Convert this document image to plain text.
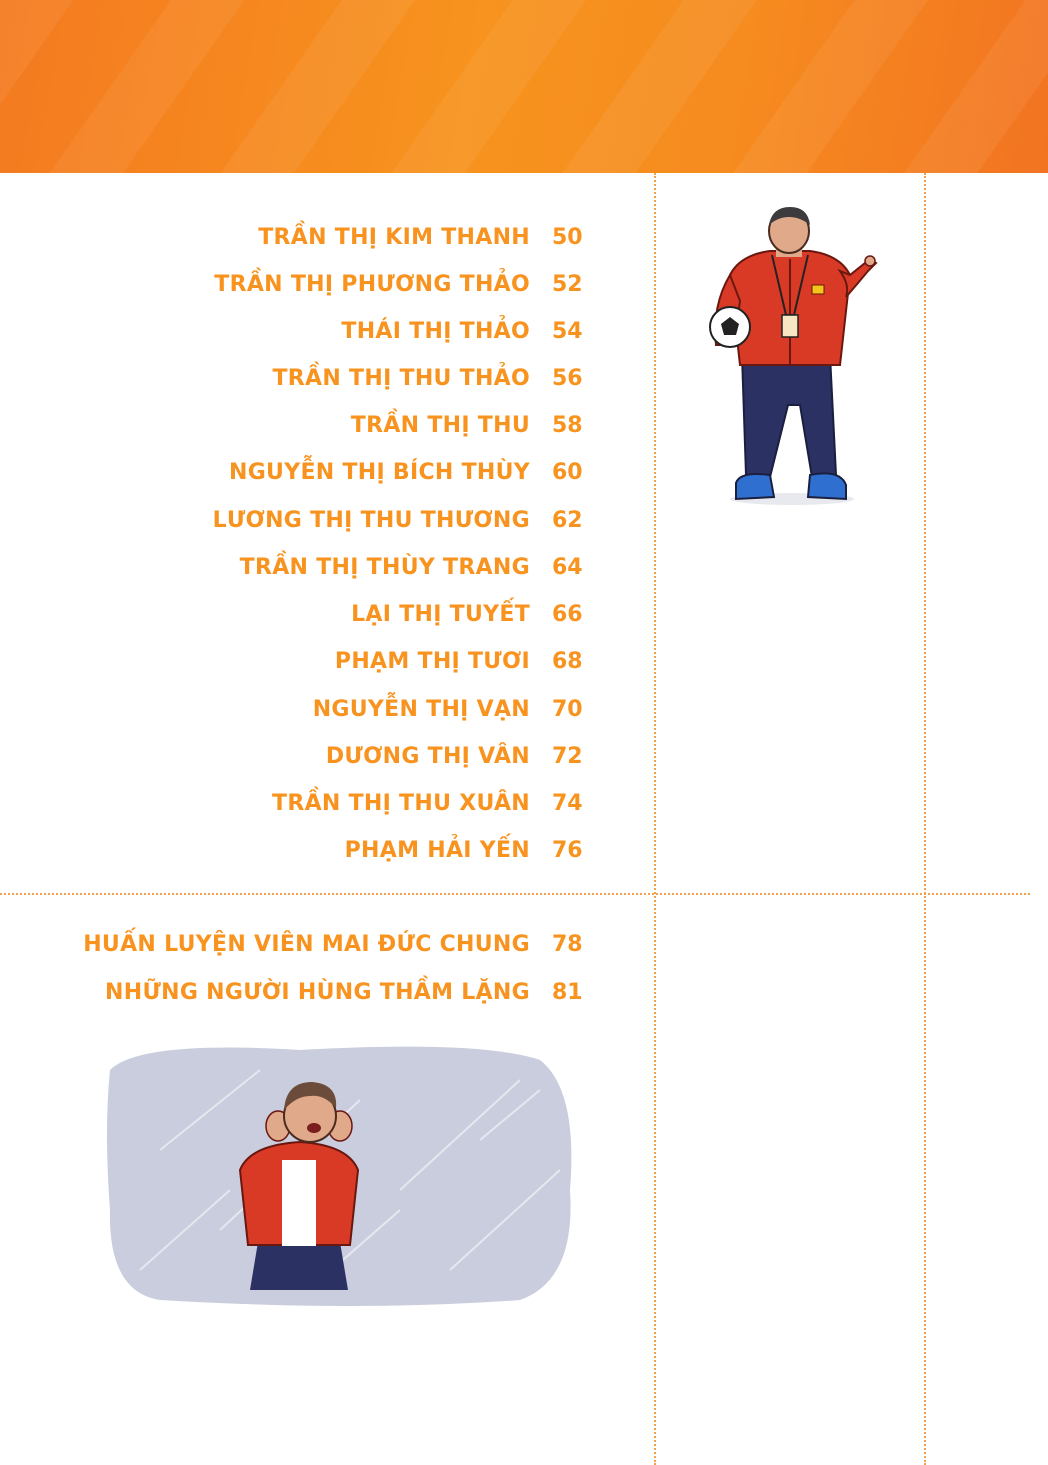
TRẦN THỊ KIM THANH 50
TRẦN THỊ PHƯƠNG THẢO 52
THÁI THỊ THẢO 54
TRẦN THỊ THU THẢO 56
TRẦN THỊ THU 58
NGUYỄN THỊ BÍCH THÙY 60
LƯƠNG THỊ THU THƯƠNG 62
TRẦN THỊ THÙY TRANG 64
LẠI THỊ TUYẾT 66
PHẠM THỊ TƯƠI 68
NGUYỄN THỊ VẠN 70
DƯƠNG THỊ VÂN 72
TRẦN THỊ THU XUÂN 74
PHẠM HẢI YẾN 76
HUẤN LUYỆN VIÊN MAI ĐỨC CHUNG 78
NHỮNG NGƯỜI HÙNG THẦM LẶNG 81
